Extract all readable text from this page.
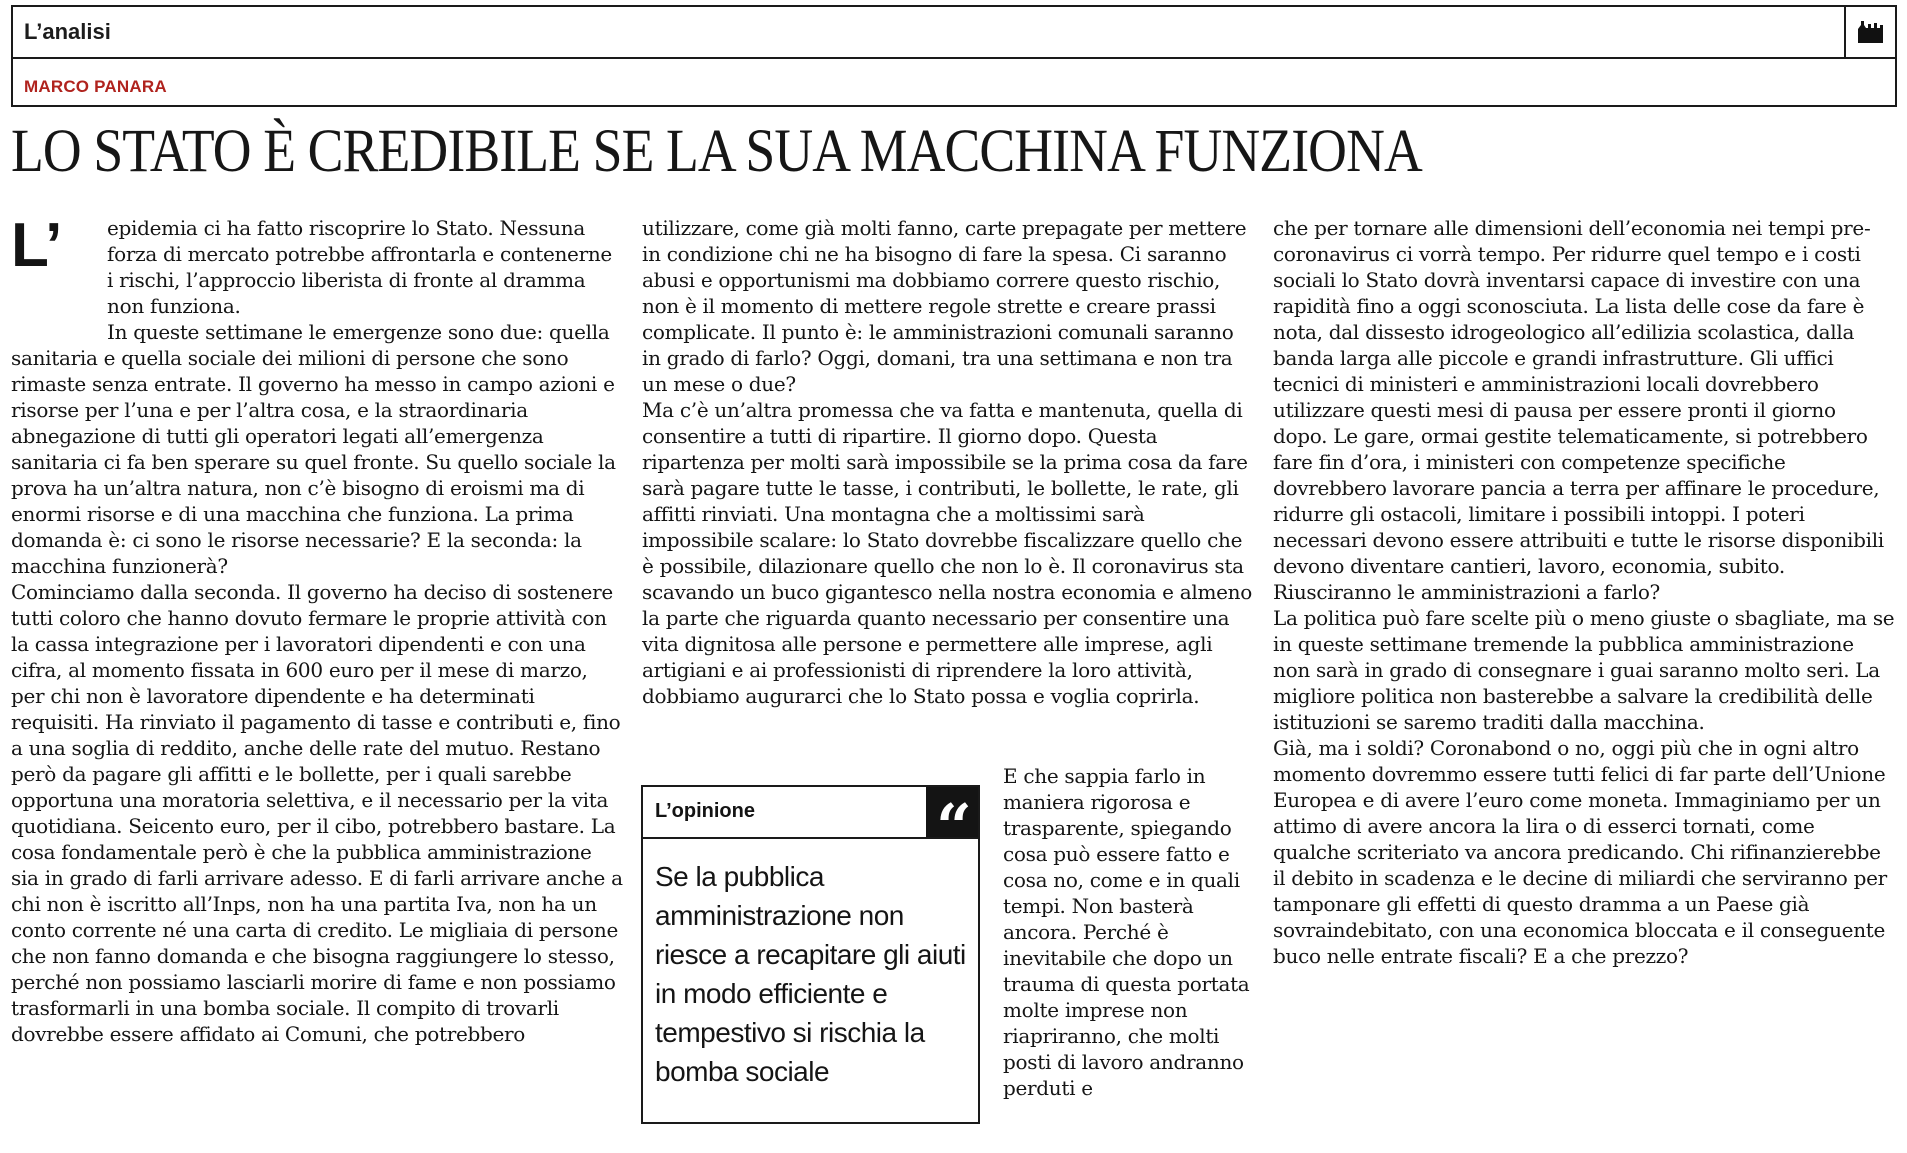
L’analisi
MARCO PANARA
LO STATO È CREDIBILE SE LA SUA MACCHINA FUNZIONA
L’	epidemia ci ha fatto riscoprire lo Stato. Nessuna forza di mercato potrebbe affrontarla e contenerne i rischi, l’approccio liberista di fronte al dramma non funziona.

In queste settimane le emergenze sono due: quella sanitaria e quella sociale dei milioni di persone che sono rimaste senza entrate. Il governo ha messo in campo azioni e risorse per l’una e per l’altra cosa, e la straordinaria abnegazione di tutti gli operatori legati all’emergenza sanitaria ci fa ben sperare su quel fronte. Su quello sociale la prova ha un’altra natura, non c’è bisogno di eroismi ma di enormi risorse e di una macchina che funziona. La prima domanda è: ci sono le risorse necessarie? E la seconda: la macchina funzionerà?

Cominciamo dalla seconda. Il governo ha deciso di sostenere tutti coloro che hanno dovuto fermare le proprie attività con la cassa integrazione per i lavoratori dipendenti e con una cifra, al momento fissata in 600 euro per il mese di marzo, per chi non è lavoratore dipendente e ha determinati requisiti. Ha rinviato il pagamento di tasse e contributi e, fino a una soglia di reddito, anche delle rate del mutuo. Restano però da pagare gli affitti e le bollette, per i quali sarebbe opportuna una moratoria selettiva, e il necessario per la vita quotidiana. Seicento euro, per il cibo, potrebbero bastare. La cosa fondamentale però è che la pubblica amministrazione sia in grado di farli arrivare adesso. E di farli arrivare anche a chi non è iscritto all’Inps, non ha una partita Iva, non ha un conto corrente né una carta di credito. Le migliaia di persone che non fanno domanda e che bisogna raggiungere lo stesso, perché non possiamo lasciarli morire di fame e non possiamo trasformarli in una bomba sociale. Il compito di trovarli dovrebbe essere affidato ai Comuni, che potrebbero

utilizzare, come già molti fanno, carte prepagate per mettere in condizione chi ne ha bisogno di fare la spesa. Ci saranno abusi e opportunismi ma dobbiamo correre questo rischio, non è il momento di mettere regole strette e creare prassi complicate. Il punto è: le amministrazioni comunali saranno in grado di farlo? Oggi, domani, tra una settimana e non tra un mese o due?

Ma c’è un’altra promessa che va fatta e mantenuta, quella di consentire a tutti di ripartire. Il giorno dopo. Questa ripartenza per molti sarà impossibile se la prima cosa da fare sarà pagare tutte le tasse, i contributi, le bollette, le rate, gli affitti rinviati. Una montagna che a moltissimi sarà impossibile scalare: lo Stato dovrebbe fiscalizzare quello che è possibile, dilazionare quello che non lo è. Il coronavirus sta scavando un buco gigantesco nella nostra economia e almeno la parte che riguarda quanto necessario per consentire una vita dignitosa alle persone e permettere alle imprese, agli artigiani e ai professionisti di riprendere la loro attività, dobbiamo augurarci che lo Stato possa e voglia coprirla.

L’opinione	“
Se la pubblica amministrazione non riesce a recapitare gli aiuti in modo efficiente e tempestivo si rischia la bomba sociale

E che sappia farlo in maniera rigorosa e trasparente, spiegando cosa può essere fatto e cosa no, come e in quali tempi. Non basterà ancora. Perché è inevitabile che dopo un trauma di questa portata molte imprese non riapriranno, che molti posti di lavoro andranno perduti e

che per tornare alle dimensioni dell’economia nei tempi pre-coronavirus ci vorrà tempo. Per ridurre quel tempo e i costi sociali lo Stato dovrà inventarsi capace di investire con una rapidità fino a oggi sconosciuta. La lista delle cose da fare è nota, dal dissesto idrogeologico all’edilizia scolastica, dalla banda larga alle piccole e grandi infrastrutture. Gli uffici tecnici di ministeri e amministrazioni locali dovrebbero utilizzare questi mesi di pausa per essere pronti il giorno dopo. Le gare, ormai gestite telematicamente, si potrebbero fare fin d’ora, i ministeri con competenze specifiche dovrebbero lavorare pancia a terra per affinare le procedure, ridurre gli ostacoli, limitare i possibili intoppi. I poteri necessari devono essere attribuiti e tutte le risorse disponibili devono diventare cantieri, lavoro, economia, subito. Riusciranno le amministrazioni a farlo?

La politica può fare scelte più o meno giuste o sbagliate, ma se in queste settimane tremende la pubblica amministrazione non sarà in grado di consegnare i guai saranno molto seri. La migliore politica non basterebbe a salvare la credibilità delle istituzioni se saremo traditi dalla macchina.

Già, ma i soldi? Coronabond o no, oggi più che in ogni altro momento dovremmo essere tutti felici di far parte dell’Unione Europea e di avere l’euro come moneta. Immaginiamo per un attimo di avere ancora la lira o di esserci tornati, come qualche scriteriato va ancora predicando. Chi rifinanzierebbe il debito in scadenza e le decine di miliardi che serviranno per tamponare gli effetti di questo dramma a un Paese già sovraindebitato, con una economica bloccata e il conseguente buco nelle entrate fiscali? E a che prezzo?
